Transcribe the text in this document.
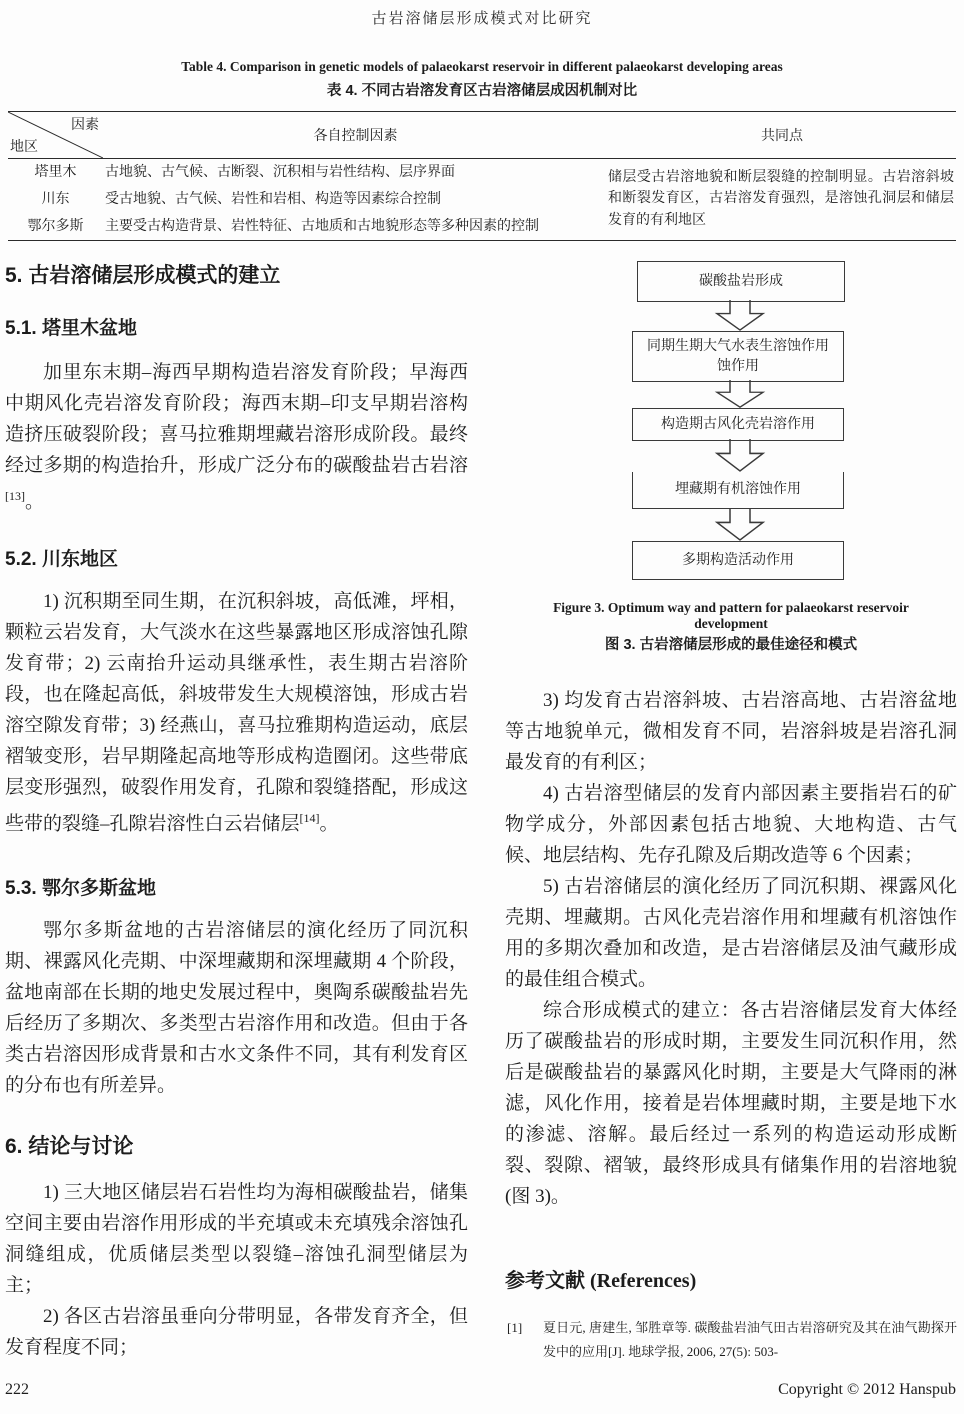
古岩溶储层形成模式对比研究
Table 4. Comparison in genetic models of palaeokarst reservoir in different palaeokarst developing areas
表 4. 不同古岩溶发育区古岩溶储层成因机制对比
因素
地区
各自控制因素	共同点
塔里木	古地貌、古气候、古断裂、沉积相与岩性结构、层序界面
川东	受古地貌、古气候、岩性和岩相、构造等因素综合控制
鄂尔多斯	主要受古构造背景、岩性特征、古地质和古地貌形态等多种因素的控制
储层受古岩溶地貌和断层裂缝的控制明显。古岩溶斜坡和断裂发育区，古岩溶发育强烈，是溶蚀孔洞层和储层发育的有利地区
5. 古岩溶储层形成模式的建立
5.1. 塔里木盆地

加里东末期–海西早期构造岩溶发育阶段；早海西中期风化壳岩溶发育阶段；海西末期–印支早期岩溶构造挤压破裂阶段；喜马拉雅期埋藏岩溶形成阶段。最终经过多期的构造抬升，形成广泛分布的碳酸盐岩古岩溶[13]。

5.2. 川东地区

1) 沉积期至同生期，在沉积斜坡，高低滩，坪相，颗粒云岩发育，大气淡水在这些暴露地区形成溶蚀孔隙发育带；2) 云南抬升运动具继承性，表生期古岩溶阶段，也在隆起高低，斜坡带发生大规模溶蚀，形成古岩溶空隙发育带；3) 经燕山，喜马拉雅期构造运动，底层褶皱变形，岩早期隆起高地等形成构造圈闭。这些带底层变形强烈，破裂作用发育，孔隙和裂缝搭配，形成这些带的裂缝–孔隙岩溶性白云岩储层[14]。

5.3. 鄂尔多斯盆地

鄂尔多斯盆地的古岩溶储层的演化经历了同沉积期、裸露风化壳期、中深埋藏期和深埋藏期 4 个阶段，盆地南部在长期的地史发展过程中，奥陶系碳酸盐岩先后经历了多期次、多类型古岩溶作用和改造。但由于各类古岩溶因形成背景和古水文条件不同，其有利发育区的分布也有所差异。

6. 结论与讨论

1) 三大地区储层岩石岩性均为海相碳酸盐岩，储集空间主要由岩溶作用形成的半充填或未充填残余溶蚀孔洞缝组成，优质储层类型以裂缝–溶蚀孔洞型储层为主；

2) 各区古岩溶虽垂向分带明显，各带发育齐全，但发育程度不同；

碳酸盐岩形成
同期生期大气水表生溶蚀作用
蚀作用
构造期古风化壳岩溶作用
埋藏期有机溶蚀作用
多期构造活动作用
Figure 3. Optimum way and pattern for palaeokarst reservoir
development
图 3. 古岩溶储层形成的最佳途径和模式

3) 均发育古岩溶斜坡、古岩溶高地、古岩溶盆地等古地貌单元，微相发育不同，岩溶斜坡是岩溶孔洞最发育的有利区；

4) 古岩溶型储层的发育内部因素主要指岩石的矿物学成分，外部因素包括古地貌、大地构造、古气候、地层结构、先存孔隙及后期改造等 6 个因素；

5) 古岩溶储层的演化经历了同沉积期、裸露风化壳期、埋藏期。古风化壳岩溶作用和埋藏有机溶蚀作用的多期次叠加和改造，是古岩溶储层及油气藏形成的最佳组合模式。

综合形成模式的建立：各古岩溶储层发育大体经历了碳酸盐岩的形成时期，主要发生同沉积作用，然后是碳酸盐岩的暴露风化时期，主要是大气降雨的淋滤，风化作用，接着是岩体埋藏时期，主要是地下水的渗滤、溶解。最后经过一系列的构造运动形成断裂、裂隙、褶皱，最终形成具有储集作用的岩溶地貌(图 3)。

参考文献 (References)
[1] 夏日元, 唐建生, 邹胜章等. 碳酸盐岩油气田古岩溶研究及其在油气勘探开发中的应用[J]. 地球学报, 2006, 27(5): 503-
222	Copyright © 2012 Hanspub
